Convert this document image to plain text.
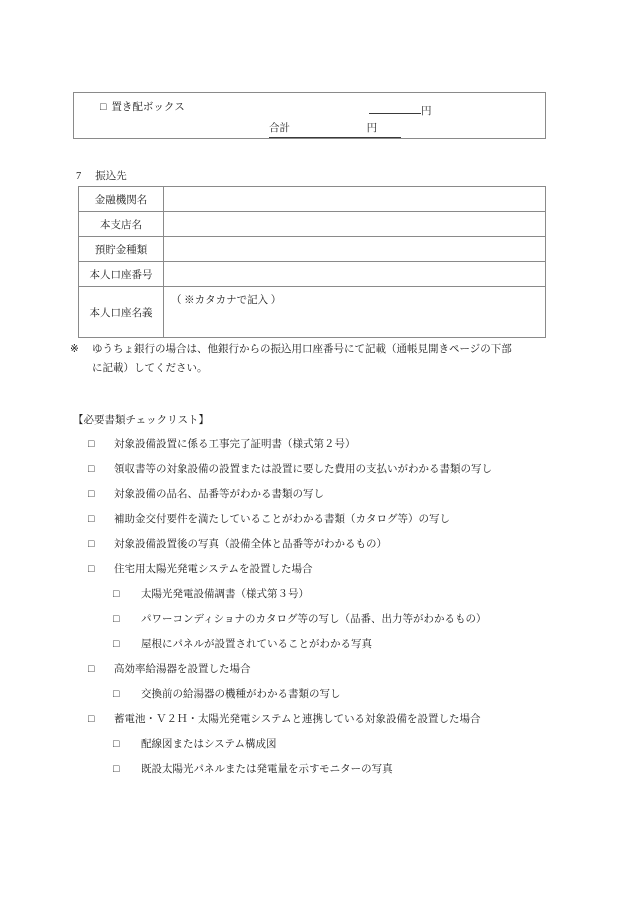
□ 置き配ボックス	円
合計	円
7 振込先
金融機関名	
本支店名	
預貯金種類	
本人口座番号	
本人口座名義	（ ※カタカナで記入 ）
※ ゆうちょ銀行の場合は、他銀行からの振込用口座番号にて記載（通帳見開きページの下部
に記載）してください。
【必要書類チェックリスト】
□ 対象設備設置に係る工事完了証明書（様式第２号）
□ 領収書等の対象設備の設置または設置に要した費用の支払いがわかる書類の写し
□ 対象設備の品名、品番等がわかる書類の写し
□ 補助金交付要件を満たしていることがわかる書類（カタログ等）の写し
□ 対象設備設置後の写真（設備全体と品番等がわかるもの）
□ 住宅用太陽光発電システムを設置した場合
□ 太陽光発電設備調書（様式第３号）
□ パワーコンディショナのカタログ等の写し（品番、出力等がわかるもの）
□ 屋根にパネルが設置されていることがわかる写真
□ 高効率給湯器を設置した場合
□ 交換前の給湯器の機種がわかる書類の写し
□ 蓄電池・Ｖ２Ｈ・太陽光発電システムと連携している対象設備を設置した場合
□ 配線図またはシステム構成図
□ 既設太陽光パネルまたは発電量を示すモニターの写真
